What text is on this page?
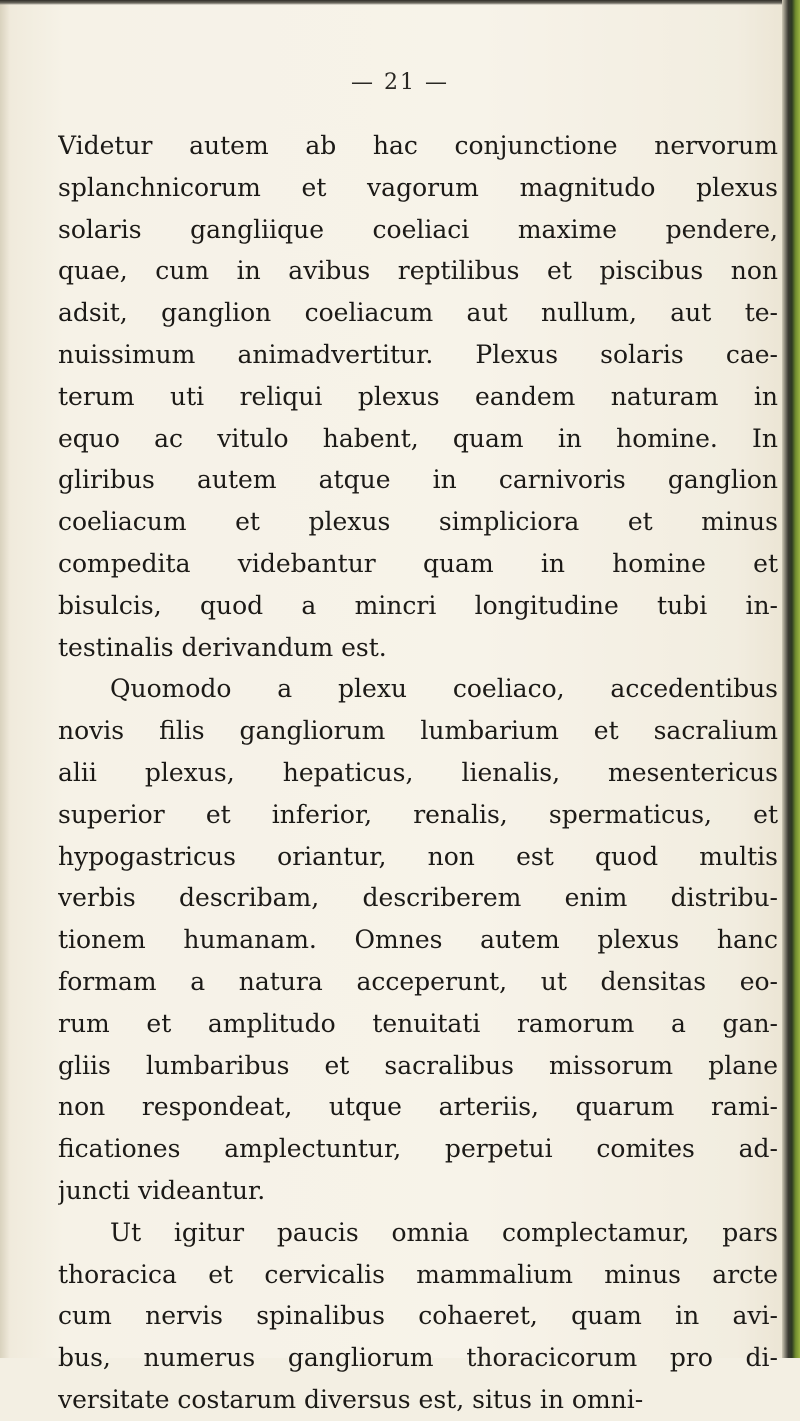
— 21 —
Videtur autem ab hac conjunctione nervorum
splanchnicorum et vagorum magnitudo plexus
solaris gangliique coeliaci maxime pendere,
quae, cum in avibus reptilibus et piscibus non
adsit, ganglion coeliacum aut nullum, aut te-
nuissimum animadvertitur. Plexus solaris cae-
terum uti reliqui plexus eandem naturam in
equo ac vitulo habent, quam in homine. In
gliribus autem atque in carnivoris ganglion
coeliacum et plexus simpliciora et minus
compedita videbantur quam in homine et
bisulcis, quod a mincri longitudine tubi in-
testinalis derivandum est.
Quomodo a plexu coeliaco, accedentibus
novis filis gangliorum lumbarium et sacralium
alii plexus, hepaticus, lienalis, mesentericus
superior et inferior, renalis, spermaticus, et
hypogastricus oriantur, non est quod multis
verbis describam, describerem enim distribu-
tionem humanam. Omnes autem plexus hanc
formam a natura acceperunt, ut densitas eo-
rum et amplitudo tenuitati ramorum a gan-
gliis lumbaribus et sacralibus missorum plane
non respondeat, utque arteriis, quarum rami-
ficationes amplectuntur, perpetui comites ad-
juncti videantur.
Ut igitur paucis omnia complectamur, pars
thoracica et cervicalis mammalium minus arcte
cum nervis spinalibus cohaeret, quam in avi-
bus, numerus gangliorum thoracicorum pro di-
versitate costarum diversus est, situs in omni-
